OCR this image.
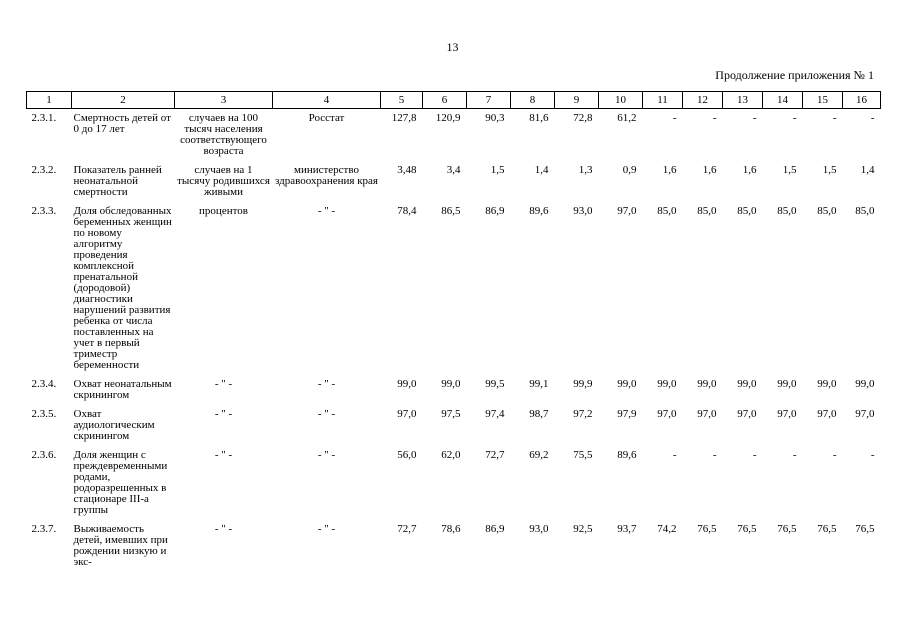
13
Продолжение приложения № 1
1	2	3	4	5	6	7	8	9	10	11	12	13	14	15	16
2.3.1.	Смертность детей от 0 до 17 лет	случаев на 100 тысяч населения соответствующего возраста	Росстат	127,8	120,9	90,3	81,6	72,8	61,2	-	-	-	-	-	-
2.3.2.	Показатель ранней неонатальной смертности	случаев на 1 тысячу родившихся живыми	министерство здравоохранения края	3,48	3,4	1,5	1,4	1,3	0,9	1,6	1,6	1,6	1,5	1,5	1,4
2.3.3.	Доля обследованных беременных женщин по новому алгоритму проведения комплексной пренатальной (дородовой) диагностики нарушений развития ребенка от числа поставленных на учет в первый триместр беременности	процентов	- " -	78,4	86,5	86,9	89,6	93,0	97,0	85,0	85,0	85,0	85,0	85,0	85,0
2.3.4.	Охват неонатальным скринингом	- " -	- " -	99,0	99,0	99,5	99,1	99,9	99,0	99,0	99,0	99,0	99,0	99,0	99,0
2.3.5.	Охват аудиологическим скринингом	- " -	- " -	97,0	97,5	97,4	98,7	97,2	97,9	97,0	97,0	97,0	97,0	97,0	97,0
2.3.6.	Доля женщин с преждевременными родами, родоразрешенных в стационаре III-а группы	- " -	- " -	56,0	62,0	72,7	69,2	75,5	89,6	-	-	-	-	-	-
2.3.7.	Выживаемость детей, имевших при рождении низкую и экс-	- " -	- " -	72,7	78,6	86,9	93,0	92,5	93,7	74,2	76,5	76,5	76,5	76,5	76,5
